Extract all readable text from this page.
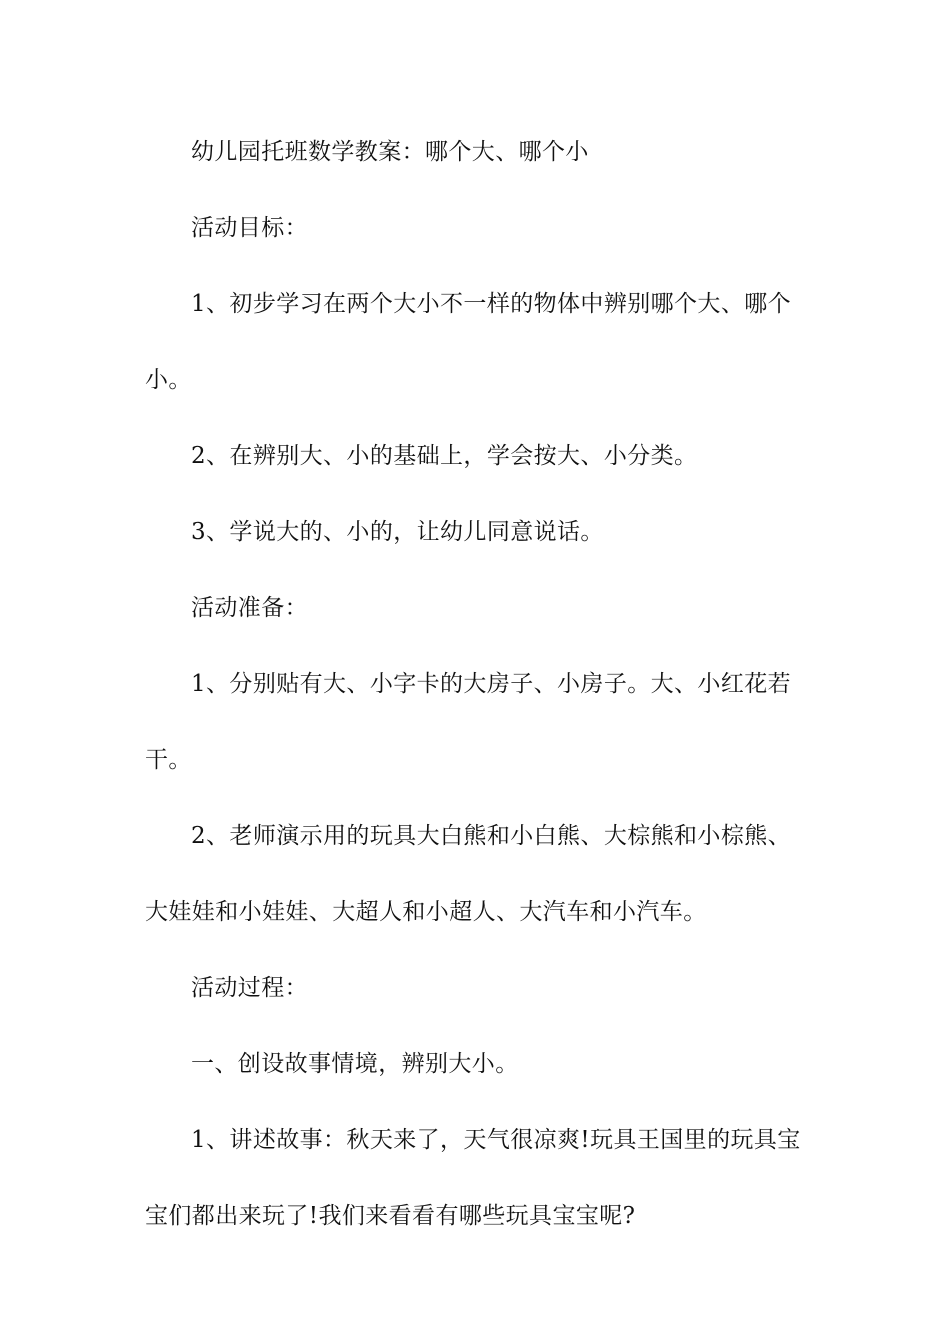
幼儿园托班数学教案：哪个大、哪个小

活动目标：

1、初步学习在两个大小不一样的物体中辨别哪个大、哪个小。

2、在辨别大、小的基础上，学会按大、小分类。

3、学说大的、小的，让幼儿同意说话。

活动准备：

1、分别贴有大、小字卡的大房子、小房子。大、小红花若干。

2、老师演示用的玩具大白熊和小白熊、大棕熊和小棕熊、大娃娃和小娃娃、大超人和小超人、大汽车和小汽车。

活动过程：

一、创设故事情境，辨别大小。

1、讲述故事：秋天来了，天气很凉爽!玩具王国里的玩具宝宝们都出来玩了!我们来看看有哪些玩具宝宝呢?
